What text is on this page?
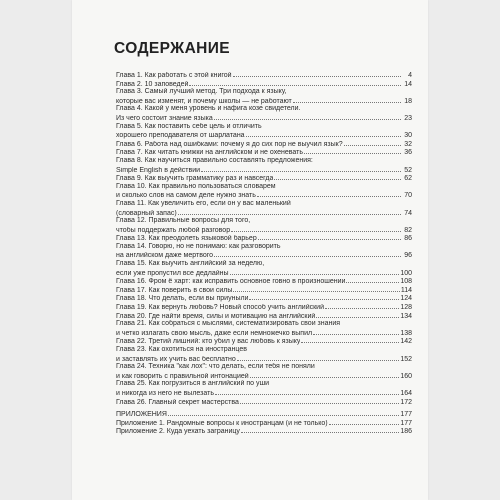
СОДЕРЖАНИЕ
Глава 1. Как работать с этой книгой	4
Глава 2. 10 заповедей	14
Глава 3. Самый лучший метод. Три подхода к языку,
которые вас изменят, и почему школы — не работают	18
Глава 4. Какой у меня уровень и нафига козе свидетели.
Из чего состоит знание языка	23
Глава 5. Как поставить себе цель и отличить
хорошего преподавателя от шарлатана	30
Глава 6. Работа над ошибками: почему я до сих пор не выучил язык?	32
Глава 7. Как читать книжки на английском и не охеневать	36
Глава 8. Как научиться правильно составлять предложения:
Simple English в действии	52
Глава 9. Как выучить грамматику раз и навсегда	62
Глава 10. Как правильно пользоваться словарем
и сколько слов на самом деле нужно знать	70
Глава 11. Как увеличить его, если он у вас маленький
(словарный запас)	74
Глава 12. Правильные вопросы для того,
чтобы поддержать любой разговор	82
Глава 13. Как преодолеть языковой барьер	86
Глава 14. Говорю, но не понимаю: как разговорить
на английском даже мертвого	96
Глава 15. Как выучить английский за неделю,
если уже пропустил все дедлайны	100
Глава 16. Фром ё харт: как исправить основное говно в произношении	108
Глава 17. Как поверить в свои силы	114
Глава 18. Что делать, если вы приуныли	124
Глава 19. Как вернуть любовь? Новый способ учить английский	128
Глава 20. Где найти время, силы и мотивацию на английский	134
Глава 21. Как собраться с мыслями, систематизировать свои знания
и четко излагать свою мысль, даже если немножечко выпил	138
Глава 22. Третий лишний: кто убил у вас любовь к языку	142
Глава 23. Как охотиться на иностранцев
и заставлять их учить вас бесплатно	152
Глава 24. Техника "как лох": что делать, если тебя не поняли
и как говорить с правильной интонацией	160
Глава 25. Как погрузиться в английский по уши
и никогда из него не вылезать	164
Глава 26. Главный секрет мастерства	172
ПРИЛОЖЕНИЯ	177
Приложение 1. Рандомные вопросы к иностранцам (и не только)	177
Приложение 2. Куда уехать заграницу	186
